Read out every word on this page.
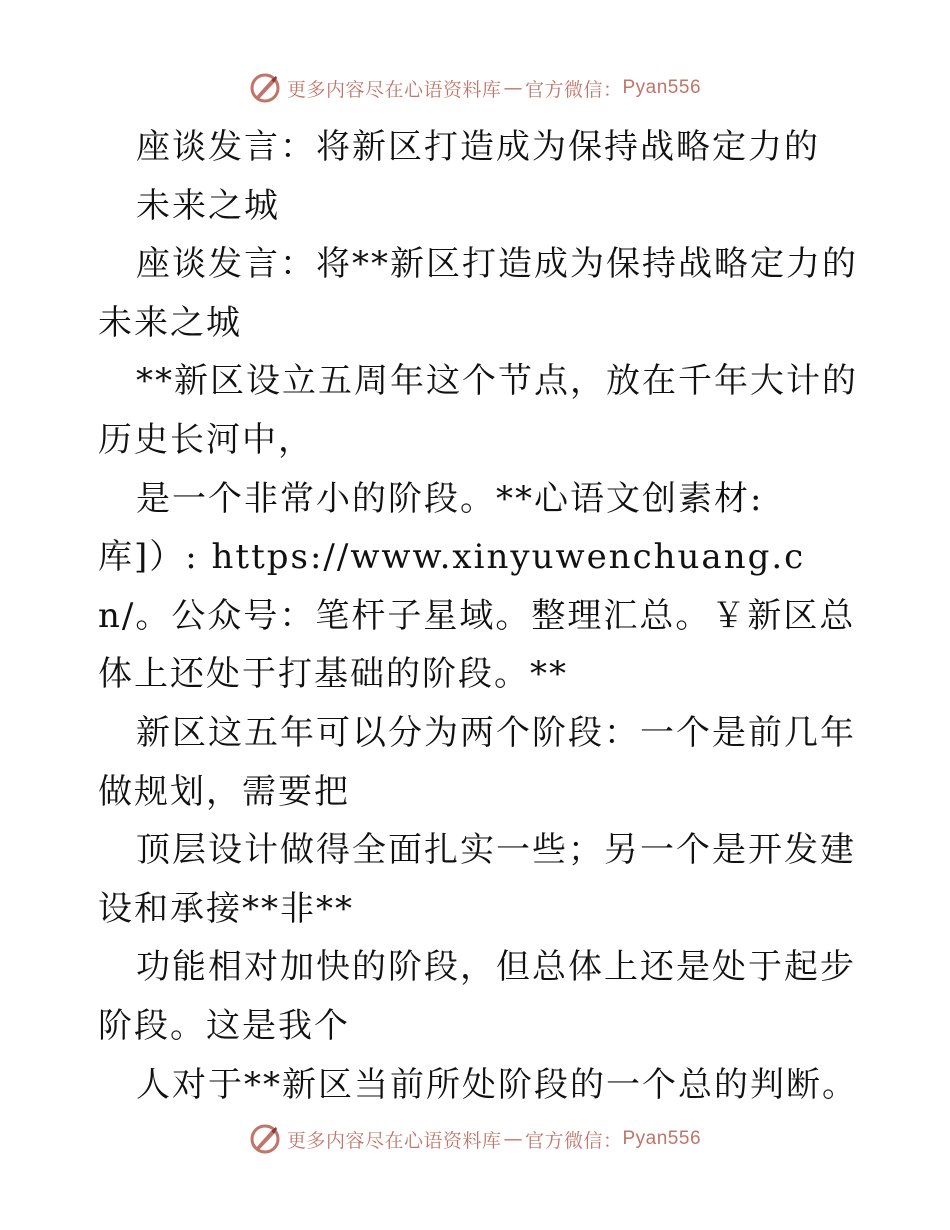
更多内容尽在心语资料库 — 官方微信： Pyan556

座谈发言：将新区打造成为保持战略定力的

未来之城

座谈发言：将**新区打造成为保持战略定力的未来之城

**新区设立五周年这个节点，放在千年大计的历史长河中，

是一个非常小的阶段。**心语文创素材:库]）: https://www.xinyuwenchuang.cn/。公众号：笔杆子星域。整理汇总。￥新区总体上还处于打基础的阶段。**

新区这五年可以分为两个阶段：一个是前几年做规划，需要把

顶层设计做得全面扎实一些；另一个是开发建设和承接**非**

功能相对加快的阶段，但总体上还是处于起步阶段。这是我个

人对于**新区当前所处阶段的一个总的判断。

更多内容尽在心语资料库 — 官方微信： Pyan556
